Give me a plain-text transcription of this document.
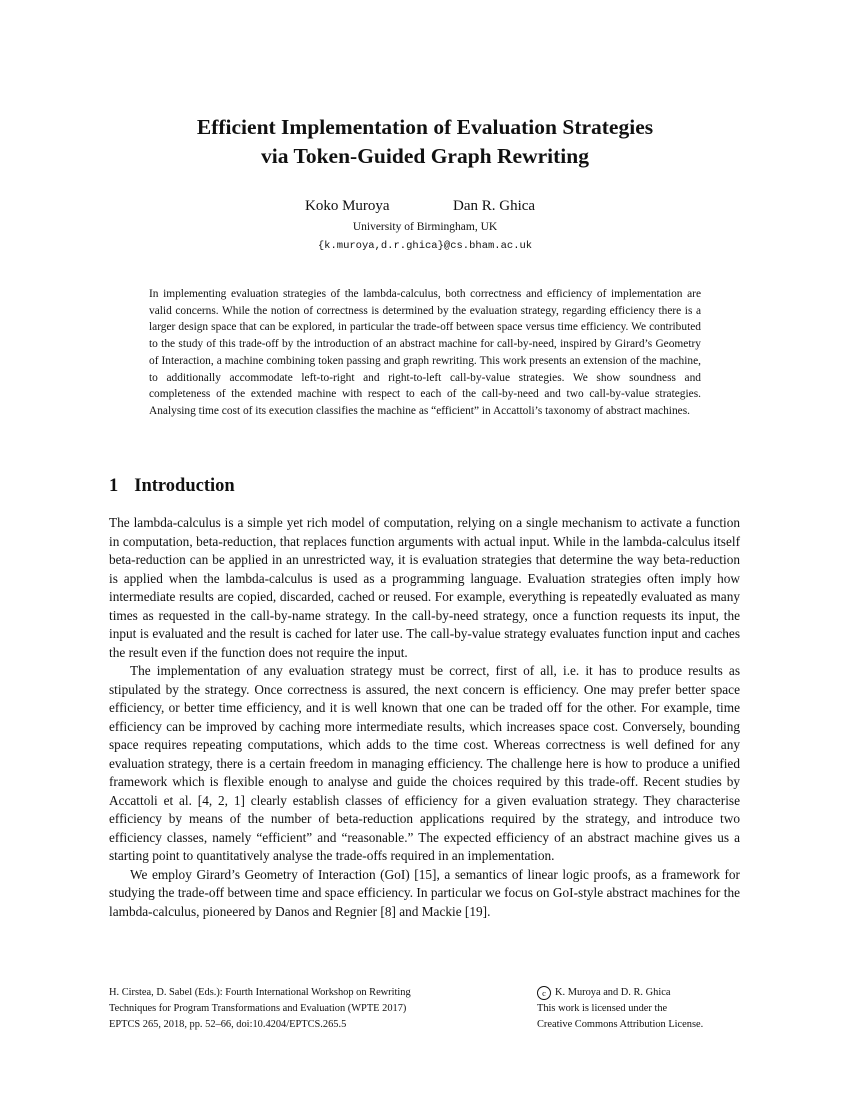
Efficient Implementation of Evaluation Strategies
via Token-Guided Graph Rewriting
Koko Muroya	Dan R. Ghica
University of Birmingham, UK
{k.muroya,d.r.ghica}@cs.bham.ac.uk
In implementing evaluation strategies of the lambda-calculus, both correctness and efficiency of implementation are valid concerns. While the notion of correctness is determined by the evaluation strategy, regarding efficiency there is a larger design space that can be explored, in particular the trade-off between space versus time efficiency. We contributed to the study of this trade-off by the introduction of an abstract machine for call-by-need, inspired by Girard’s Geometry of Interaction, a machine combining token passing and graph rewriting. This work presents an extension of the machine, to additionally accommodate left-to-right and right-to-left call-by-value strategies. We show soundness and completeness of the extended machine with respect to each of the call-by-need and two call-by-value strategies. Analysing time cost of its execution classifies the machine as “efficient” in Accattoli’s taxonomy of abstract machines.
1 Introduction

The lambda-calculus is a simple yet rich model of computation, relying on a single mechanism to activate a function in computation, beta-reduction, that replaces function arguments with actual input. While in the lambda-calculus itself beta-reduction can be applied in an unrestricted way, it is evaluation strategies that determine the way beta-reduction is applied when the lambda-calculus is used as a programming language. Evaluation strategies often imply how intermediate results are copied, discarded, cached or reused. For example, everything is repeatedly evaluated as many times as requested in the call-by-name strategy. In the call-by-need strategy, once a function requests its input, the input is evaluated and the result is cached for later use. The call-by-value strategy evaluates function input and caches the result even if the function does not require the input.

The implementation of any evaluation strategy must be correct, first of all, i.e. it has to produce results as stipulated by the strategy. Once correctness is assured, the next concern is efficiency. One may prefer better space efficiency, or better time efficiency, and it is well known that one can be traded off for the other. For example, time efficiency can be improved by caching more intermediate results, which increases space cost. Conversely, bounding space requires repeating computations, which adds to the time cost. Whereas correctness is well defined for any evaluation strategy, there is a certain freedom in managing efficiency. The challenge here is how to produce a unified framework which is flexible enough to analyse and guide the choices required by this trade-off. Recent studies by Accattoli et al. [4, 2, 1] clearly establish classes of efficiency for a given evaluation strategy. They characterise efficiency by means of the number of beta-reduction applications required by the strategy, and introduce two efficiency classes, namely “efficient” and “reasonable.” The expected efficiency of an abstract machine gives us a starting point to quantitatively analyse the trade-offs required in an implementation.

We employ Girard’s Geometry of Interaction (GoI) [15], a semantics of linear logic proofs, as a framework for studying the trade-off between time and space efficiency. In particular we focus on GoI-style abstract machines for the lambda-calculus, pioneered by Danos and Regnier [8] and Mackie [19].

H. Cirstea, D. Sabel (Eds.): Fourth International Workshop on Rewriting
Techniques for Program Transformations and Evaluation (WPTE 2017)
EPTCS 265, 2018, pp. 52–66, doi:10.4204/EPTCS.265.5
c K. Muroya and D. R. Ghica
This work is licensed under the
Creative Commons Attribution License.
